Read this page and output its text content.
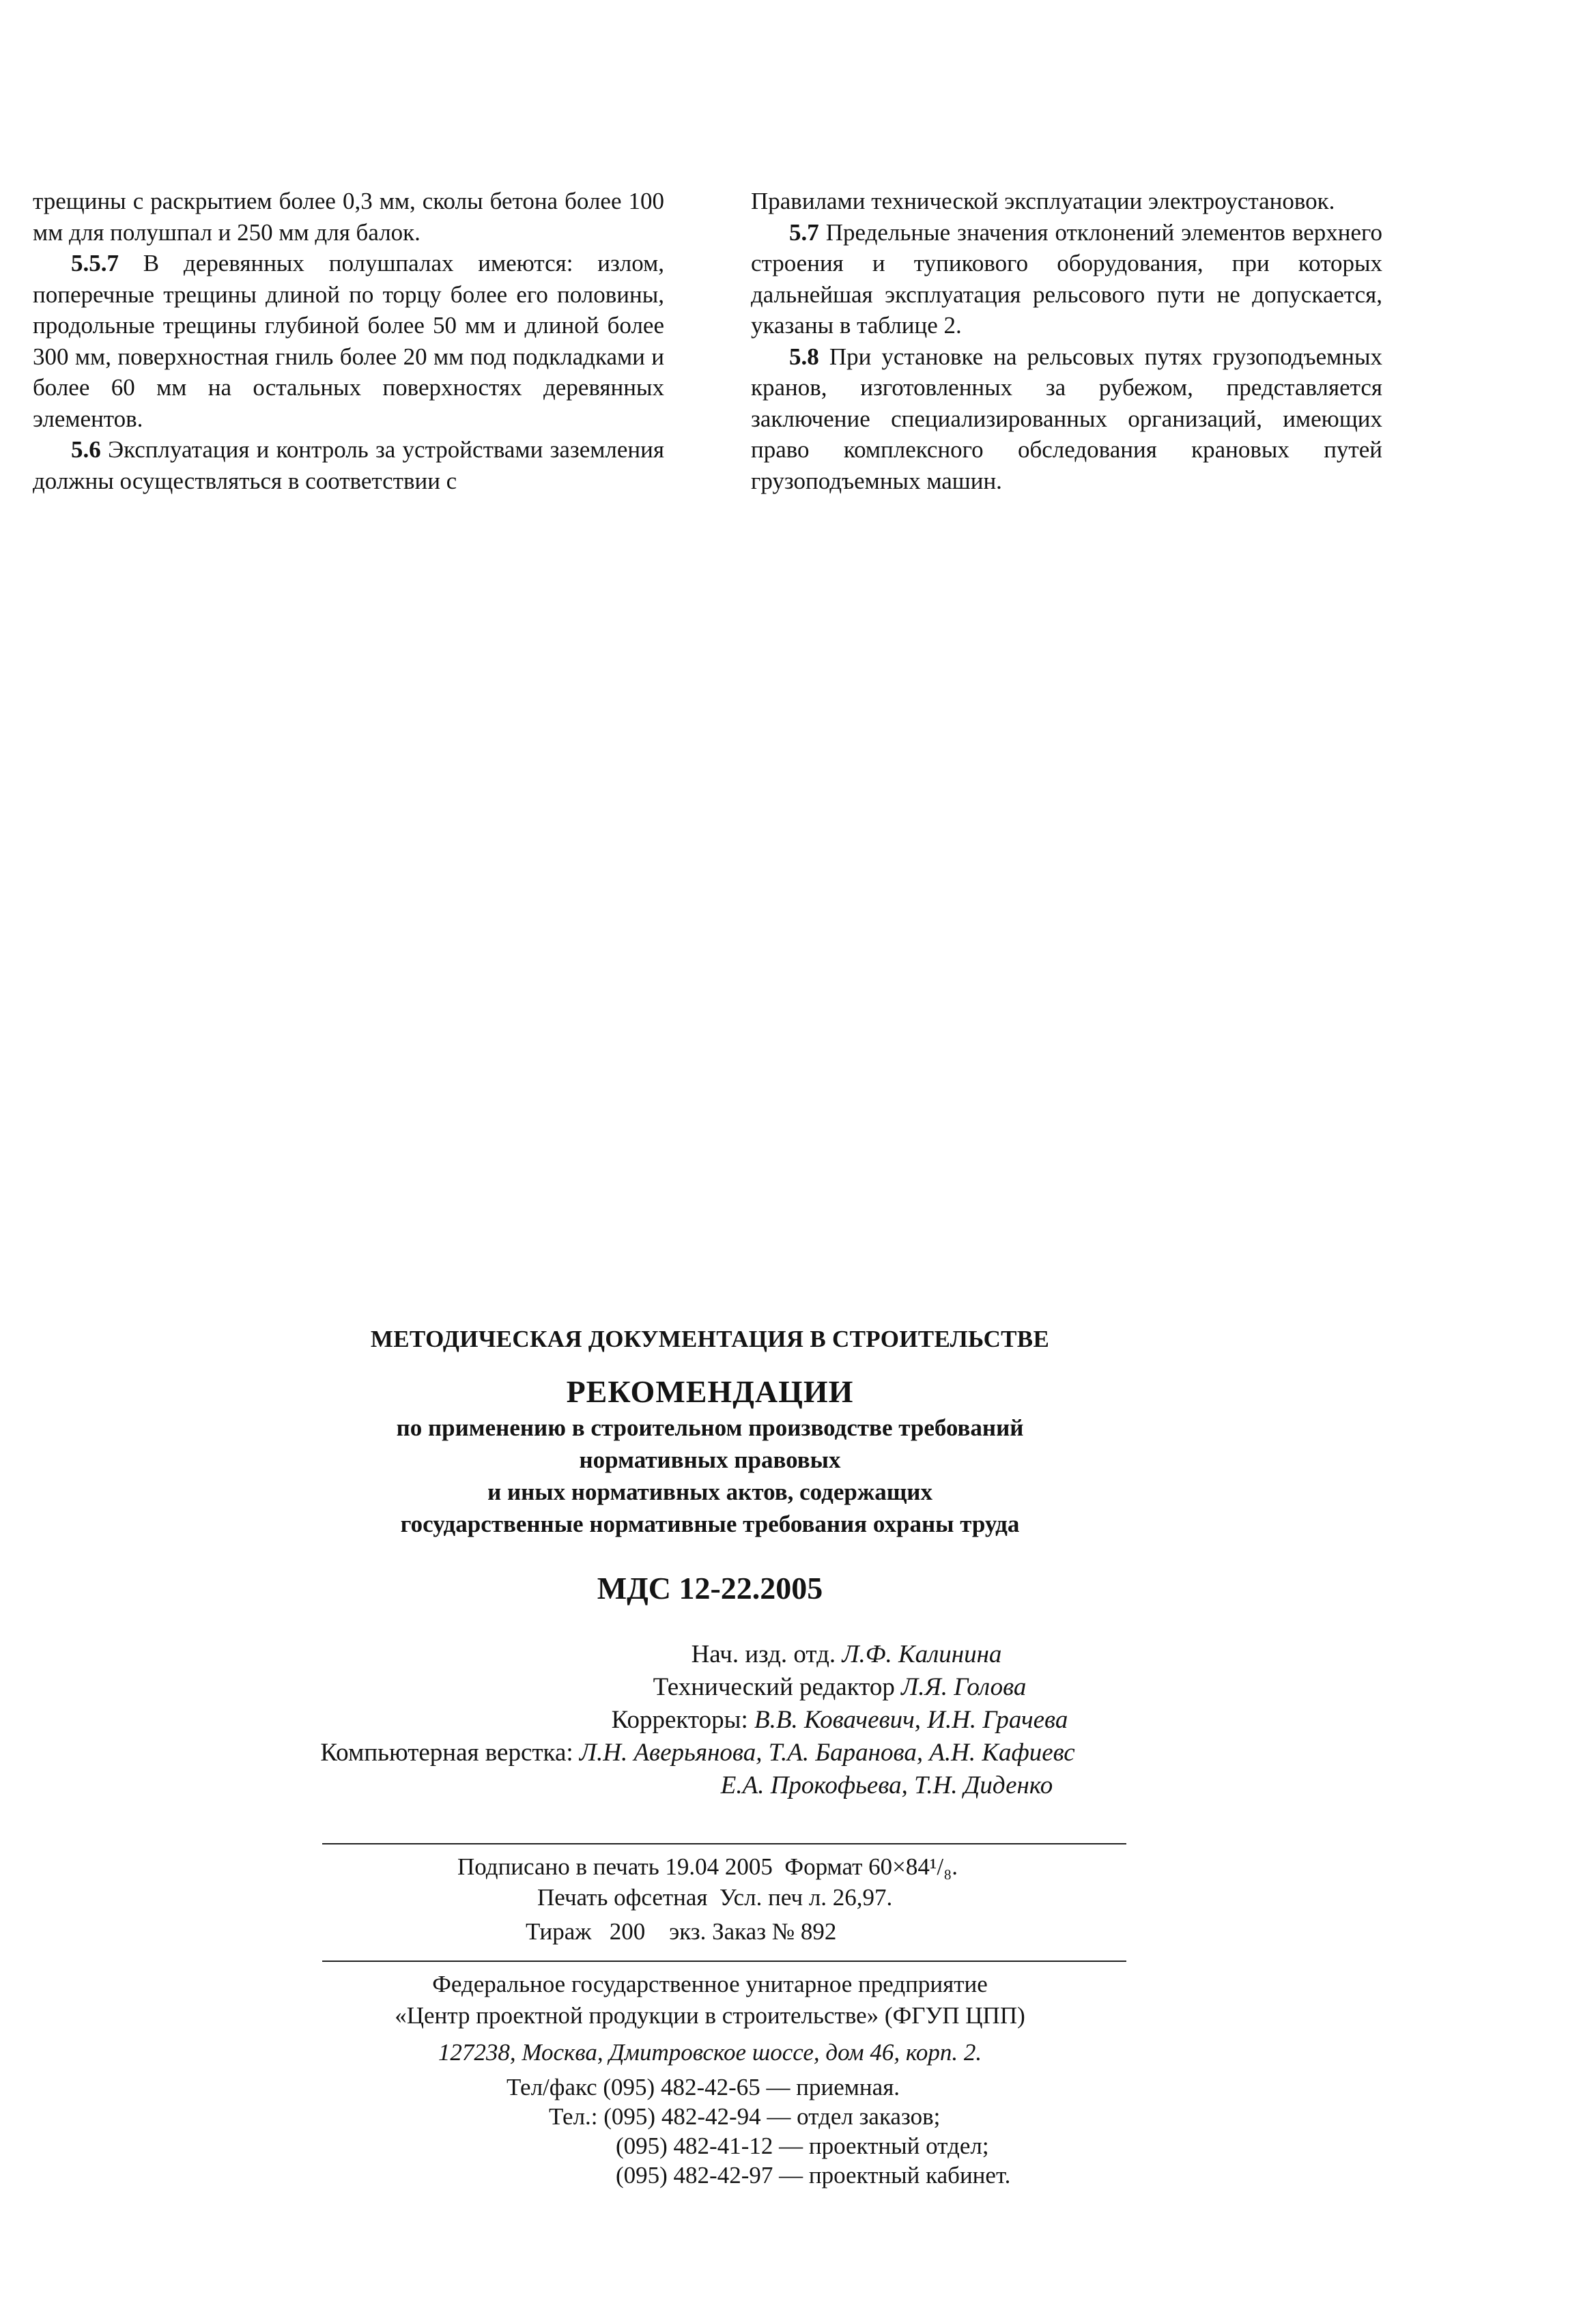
трещины с раскрытием более 0,3 мм, сколы бетона более 100 мм для полушпал и 250 мм для балок.

5.5.7 В деревянных полушпалах имеются: излом, поперечные трещины длиной по торцу более его половины, продольные трещины глубиной более 50 мм и длиной более 300 мм, поверхностная гниль более 20 мм под подкладками и более 60 мм на остальных поверхностях деревянных элементов.

5.6 Эксплуатация и контроль за устройствами заземления должны осуществляться в соответствии с

Правилами технической эксплуатации электроустановок.

5.7 Предельные значения отклонений элементов верхнего строения и тупикового оборудования, при которых дальнейшая эксплуатация рельсового пути не допускается, указаны в таблице 2.

5.8 При установке на рельсовых путях грузоподъемных кранов, изготовленных за рубежом, представляется заключение специализированных организаций, имеющих право комплексного обследования крановых путей грузоподъемных машин.

МЕТОДИЧЕСКАЯ ДОКУМЕНТАЦИЯ В СТРОИТЕЛЬСТВЕ
РЕКОМЕНДАЦИИ
по применению в строительном производстве требований
нормативных правовых
и иных нормативных актов, содержащих
государственные нормативные требования охраны труда
МДС 12-22.2005
Нач. изд. отд. Л.Ф. Калинина
Технический редактор Л.Я. Голова
Корректоры: В.В. Ковачевич, И.Н. Грачева
Компьютерная верстка: Л.Н. Аверьянова, Т.А. Баранова, А.Н. Кафиевс
Е.А. Прокофьева, Т.Н. Диденко
Подписано в печать 19.04 2005 Формат 60×84¹/₈.
Печать офсетная Усл. печ л. 26,97.
Тираж 200 экз. Заказ № 892
Федеральное государственное унитарное предприятие
«Центр проектной продукции в строительстве» (ФГУП ЦПП)
127238, Москва, Дмитровское шоссе, дом 46, корп. 2.
Тел/факс (095) 482-42-65 — приемная.
Тел.: (095) 482-42-94 — отдел заказов;
(095) 482-41-12 — проектный отдел;
(095) 482-42-97 — проектный кабинет.
